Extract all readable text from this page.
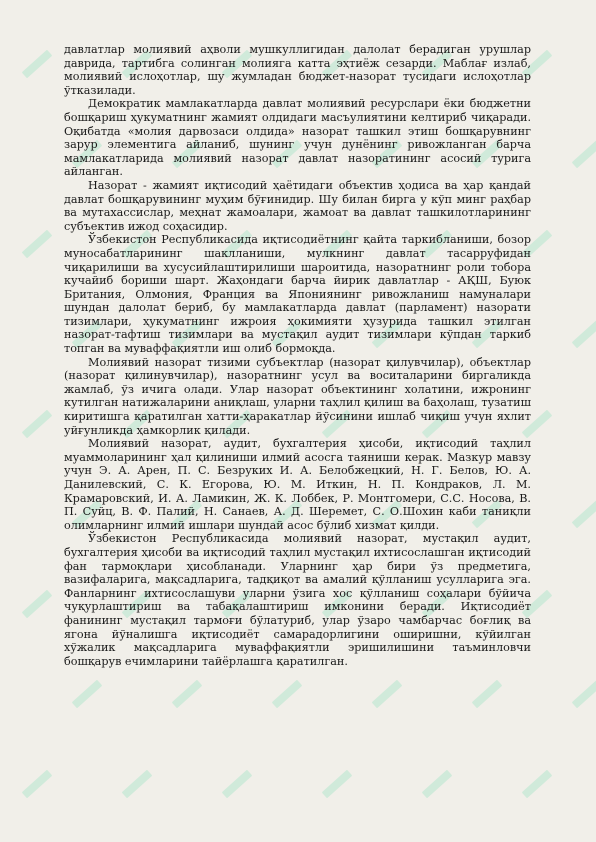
давлатлар молиявий аҳволи мушкуллигидан далолат берадиган урушлар даврида, тартибга солинган молияга катта эҳтиёж сезарди. Маблағ излаб, молиявий ислоҳотлар, шу жумладан бюджет-назорат тусидаги ислоҳотлар ўтказилади.

Демократик мамлакатларда давлат молиявий ресурслари ёки бюджетни бошқариш ҳукуматнинг жамият олдидаги масъулиятини келтириб чиқаради. Оқибатда «молия дарвозаси олдида» назорат ташкил этиш бошқарувнинг зарур элементига айланиб, шунинг учун дунёнинг ривожланган барча мамлакатларида молиявий назорат давлат назоратининг асосий турига айланган.

Назорат - жамият иқтисодий ҳаётидаги объектив ҳодиса ва ҳар қандай давлат бошқарувининг муҳим бўғинидир. Шу билан бирга у кўп минг раҳбар ва мутахассислар, меҳнат жамоалари, жамоат ва давлат ташкилотларининг субъектив ижод соҳасидир.

Ўзбекистон Республикасида иқтисодиётнинг қайта таркибланиши, бозор муносабатларининг шаклланиши, мулкнинг давлат тасарруфидан чиқарилиши ва хусусийлаштирилиши шароитида, назоратнинг роли тобора кучайиб бориши шарт. Жаҳондаги барча йирик давлатлар - АҚШ, Буюк Британия, Олмония, Франция ва Япониянинг ривожланиш намуналари шундан далолат бериб, бу мамлакатларда давлат (парламент) назорати тизимлари, ҳукуматнинг ижроия ҳокимияти ҳузурида ташкил этилган назорат-тафтиш тизимлари ва мустақил аудит тизимлари кўпдан таркиб топган ва муваффақиятли иш олиб бормоқда.

Молиявий назорат тизими субъектлар (назорат қилувчилар), объектлар (назорат қилинувчилар), назоратнинг усул ва воситаларини биргаликда жамлаб, ўз ичига олади. Улар назорат объектининг холатини, ижронинг кутилган натижаларини аниқлаш, уларни таҳлил қилиш ва баҳолаш, тузатиш киритишга қаратилган хатти-ҳаракатлар йўсинини ишлаб чиқиш учун яхлит уйғунликда ҳамкорлик қилади.

Молиявий назорат, аудит, бухгалтерия ҳисоби, иқтисодий таҳлил муаммоларининг ҳал қилиниши илмий асосга таяниши керак. Мазкур мавзу учун Э. А. Арен, П. С. Безруких И. А. Белобжецкий, Н. Г. Белов, Ю. А. Данилевский, С. К. Егорова, Ю. М. Иткин, Н. П. Кондраков, Л. М. Крамаровский, И. А. Ламикин, Ж. К. Лоббек, Р. Монтгомери, С.С. Носова, В. П. Суйц, В. Ф. Палий, Н. Санаев, А. Д. Шеремет, С. О.Шохин каби таниқли олимларнинг илмий ишлари шундай асос бўлиб хизмат қилди.

Ўзбекистон Республикасида молиявий назорат, мустақил аудит, бухгалтерия ҳисоби ва иқтисодий таҳлил мустақил ихтисослашган иқтисодий фан тармоқлари ҳисобланади. Уларнинг ҳар бири ўз предметига, вазифаларига, мақсадларига, тадқиқот ва амалий қўлланиш усулларига эга. Фанларнинг ихтисослашуви уларни ўзига хос қўлланиш соҳалари бўйича чуқурлаштириш ва табақалаштириш имконини беради. Иқтисодиёт фанининг мустақил тармоғи бўлатуриб, улар ўзаро чамбарчас боғлиқ ва ягона йўналишга иқтисодиёт самарадорлигини оширишни, кўйилган хўжалик мақсадларига муваффақиятли эришилишини таъминловчи бошқарув ечимларини тайёрлашга қаратилган.
